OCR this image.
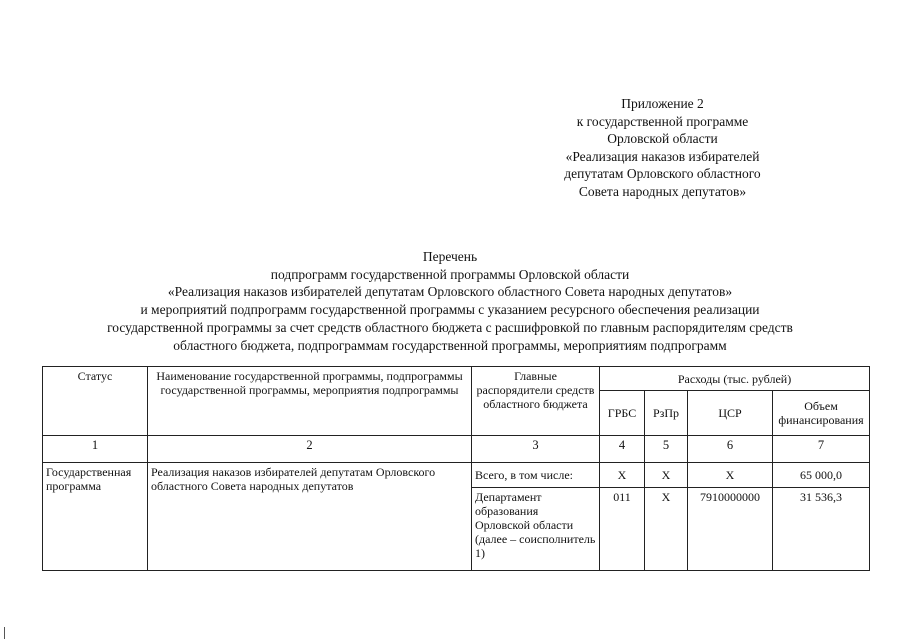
Приложение 2
к государственной программе
Орловской области
«Реализация наказов избирателей
депутатам Орловского областного
Совета народных депутатов»
Перечень
подпрограмм государственной программы Орловской области
«Реализация наказов избирателей депутатам Орловского областного Совета народных депутатов»
и мероприятий подпрограмм государственной программы с указанием ресурсного обеспечения реализации
государственной программы за счет средств областного бюджета с расшифровкой по главным распорядителям средств
областного бюджета, подпрограммам государственной программы, мероприятиям подпрограмм
Статус	Наименование государственной программы, подпрограммы государственной программы, мероприятия подпрограммы	Главные распорядители средств областного бюджета	Расходы (тыс. рублей)			
			ГРБС	РзПр	ЦСР	Объем финансирования
1	2	3	4	5	6	7
Государственная программа	Реализация наказов избирателей депутатам Орловского областного Совета народных депутатов	Всего, в том числе:	X	X	X	65 000,0
		Департамент образования Орловской области (далее – соисполнитель 1)	011	X	7910000000	31 536,3
